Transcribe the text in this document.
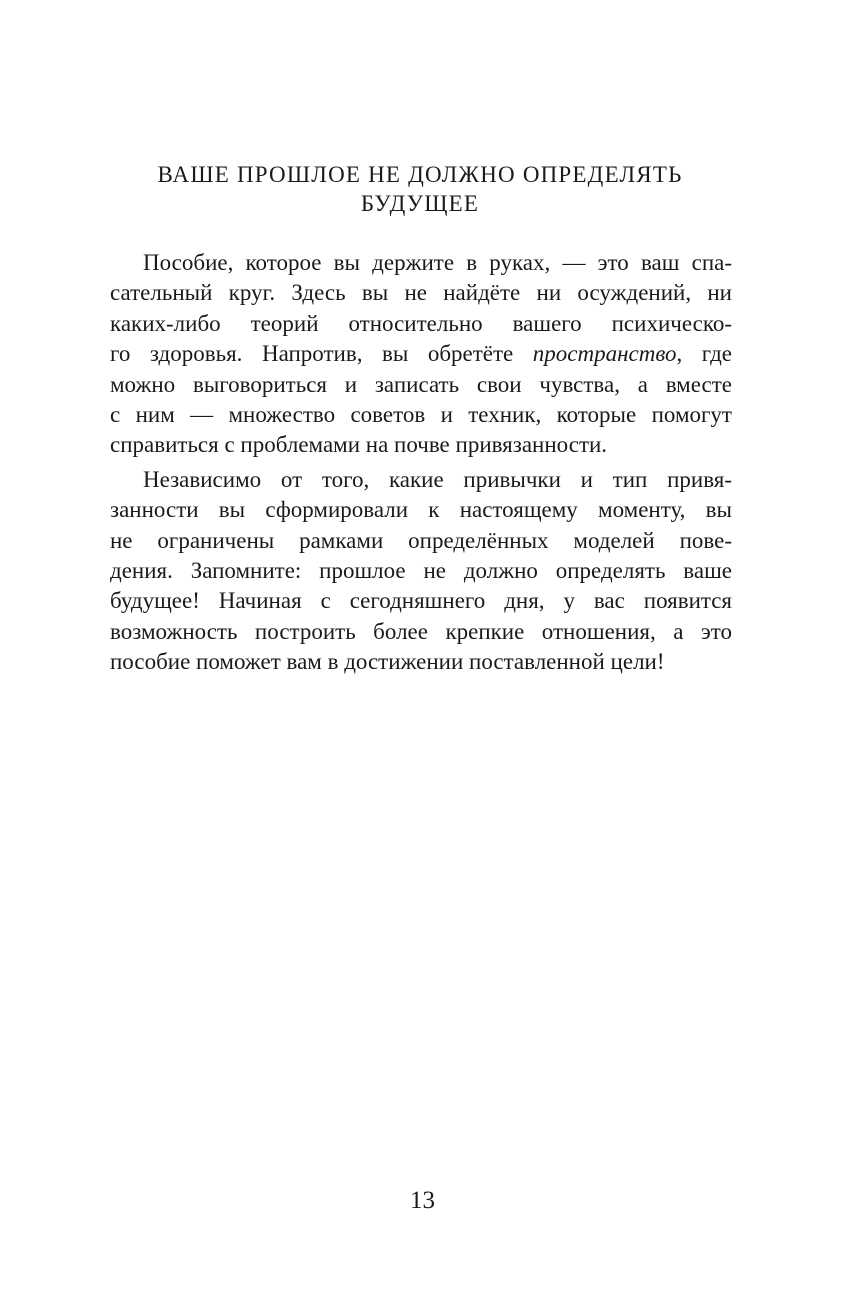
ВАШЕ ПРОШЛОЕ НЕ ДОЛЖНО ОПРЕДЕЛЯТЬ
БУДУЩЕЕ
Пособие, которое вы держите в руках, — это ваш спа-
сательный круг. Здесь вы не найдёте ни осуждений, ни
каких-либо теорий относительно вашего психическо-
го здоровья. Напротив, вы обретёте пространство, где
можно выговориться и записать свои чувства, а вместе
с ним — множество советов и техник, которые помогут
справиться с проблемами на почве привязанности.
Независимо от того, какие привычки и тип привя-
занности вы сформировали к настоящему моменту, вы
не ограничены рамками определённых моделей пове-
дения. Запомните: прошлое не должно определять ваше
будущее! Начиная с сегодняшнего дня, у вас появится
возможность построить более крепкие отношения, а это
пособие поможет вам в достижении поставленной цели!
13
